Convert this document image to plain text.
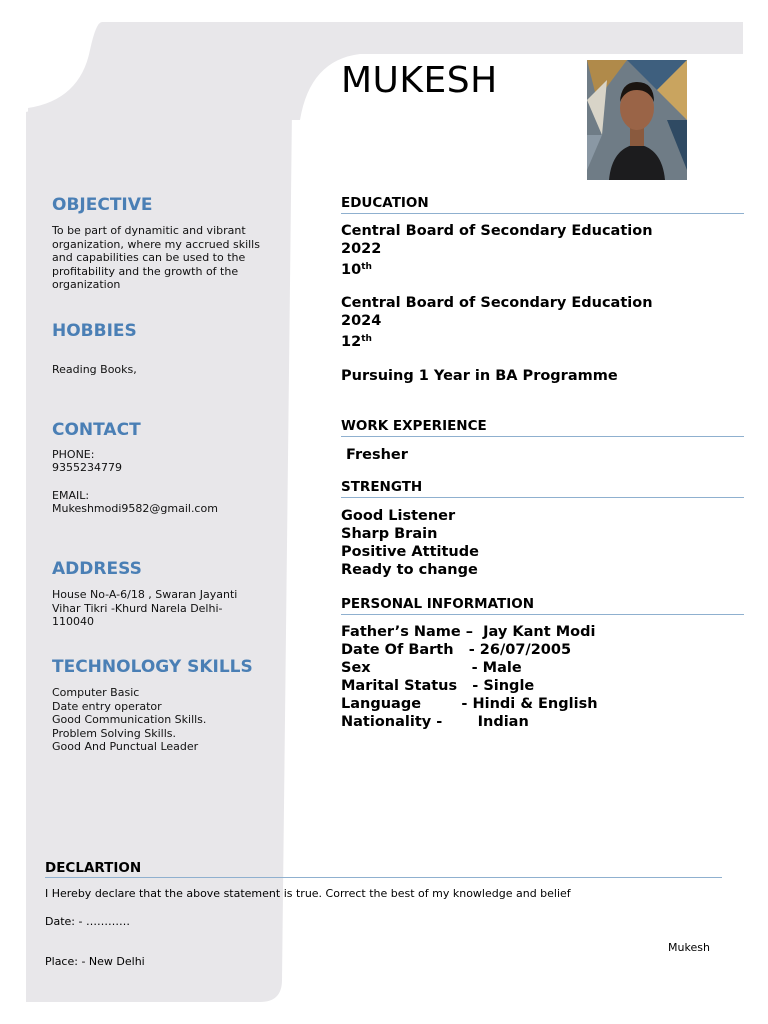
MUKESH
OBJECTIVE

To be part of dynamitic and vibrant organization, where my accrued skills and capabilities can be used to the profitability and the growth of the organization

HOBBIES

Reading Books,

CONTACT

PHONE:

9355234779

EMAIL:

Mukeshmodi9582@gmail.com

ADDRESS

House No-A-6/18 , Swaran Jayanti Vihar Tikri -Khurd Narela Delhi-110040

TECHNOLOGY SKILLS

Computer Basic

Date entry operator

Good Communication Skills.

Problem Solving Skills.

Good And Punctual Leader

EDUCATION

Central Board of Secondary Education

2022

10th

Central Board of Secondary Education

2024

12th

Pursuing 1 Year in BA Programme

WORK EXPERIENCE

Fresher

STRENGTH

Good Listener

Sharp Brain

Positive Attitude

Ready to change

PERSONAL INFORMATION

Father’s Name –  Jay Kant Modi

Date Of Barth   - 26/07/2005

Sex                    - Male

Marital Status   - Single

Language        - Hindi & English

Nationality -       Indian

DECLARTION

I Hereby declare that the above statement is true. Correct the best of my knowledge and belief

Date: - …………

Mukesh

Place: - New Delhi
